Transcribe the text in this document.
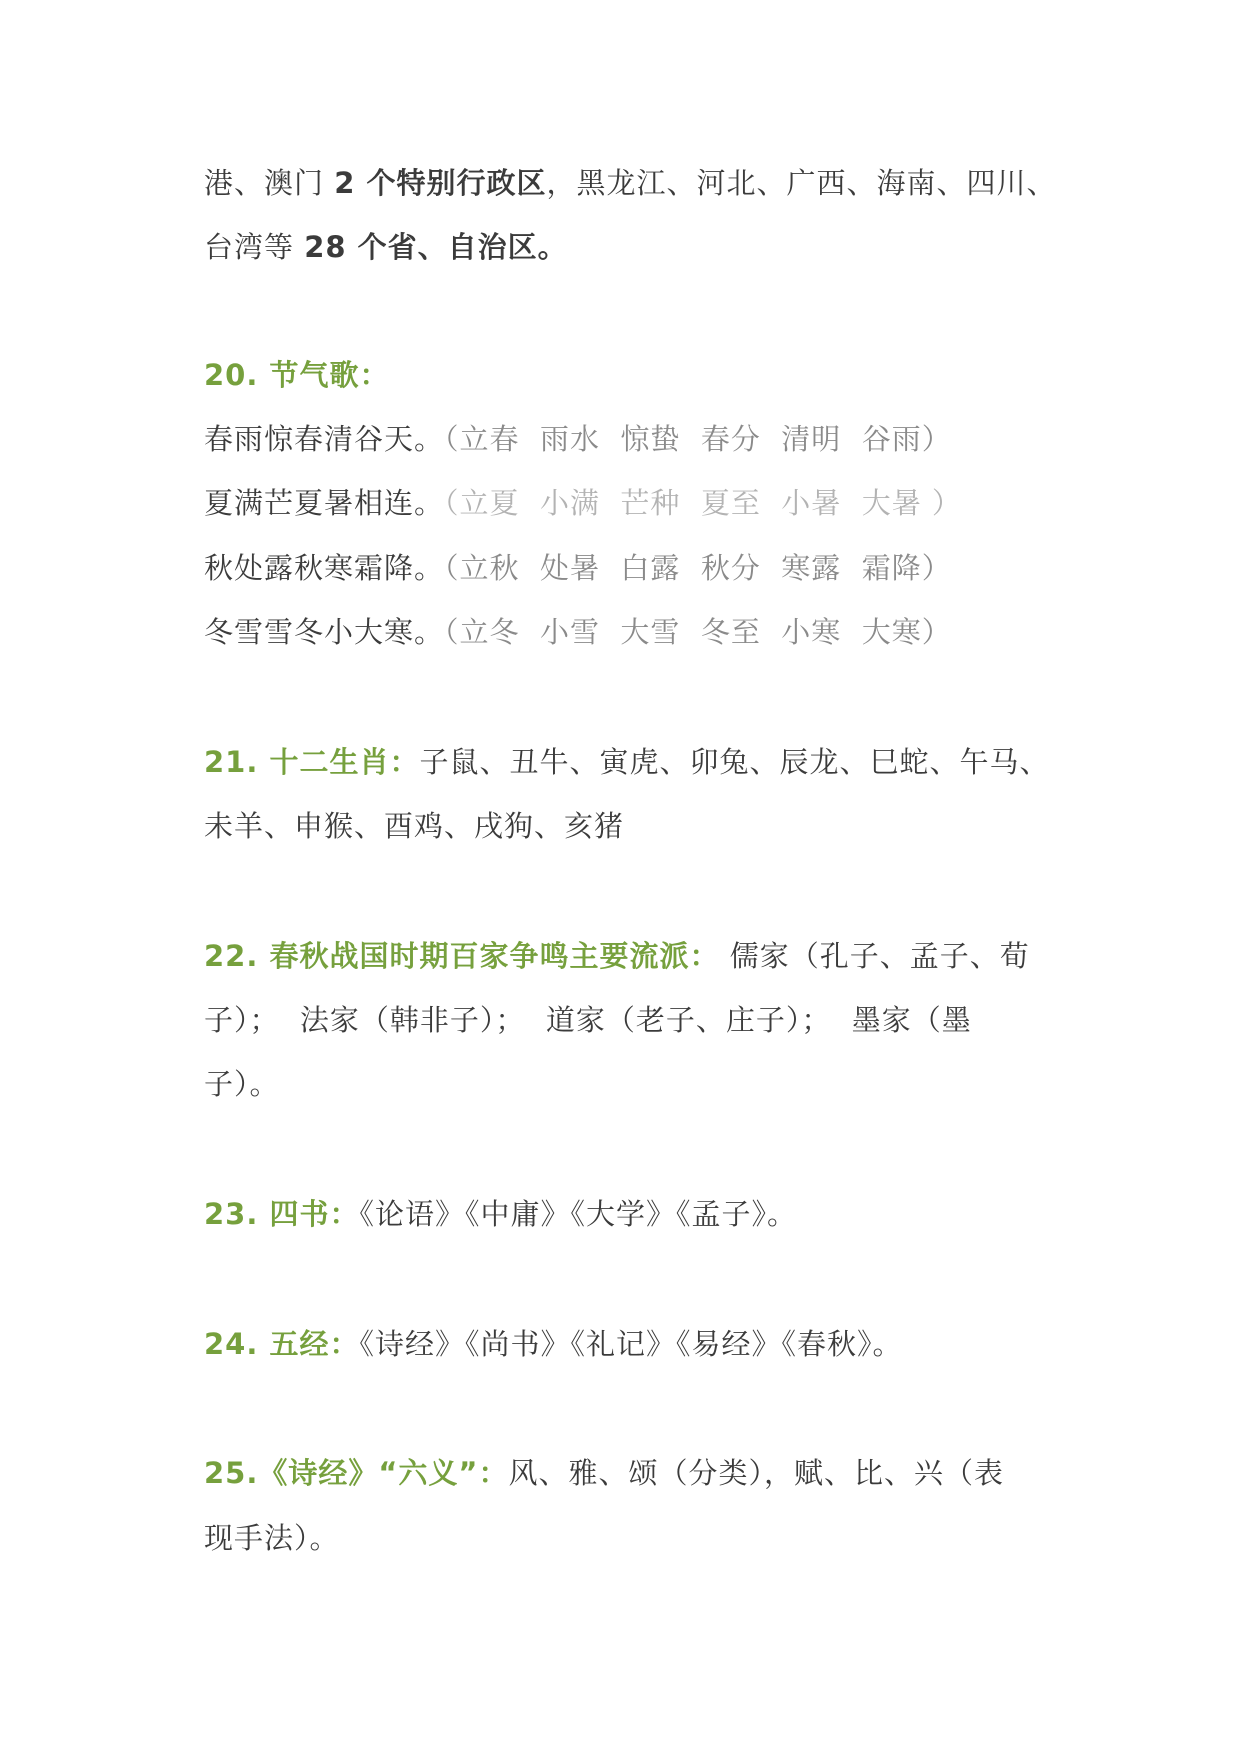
港、澳门 2 个特别行政区，黑龙江、河北、广西、海南、四川、
台湾等 28 个省、自治区。
20. 节气歌：
春雨惊春清谷天。（立春  雨水  惊蛰  春分  清明  谷雨）
夏满芒夏暑相连。（立夏  小满  芒种  夏至  小暑  大暑 ）
秋处露秋寒霜降。（立秋  处暑  白露  秋分  寒露  霜降）
冬雪雪冬小大寒。（立冬  小雪  大雪  冬至  小寒  大寒）
21. 十二生肖：子鼠、丑牛、寅虎、卯兔、辰龙、巳蛇、午马、
未羊、申猴、酉鸡、戌狗、亥猪
22. 春秋战国时期百家争鸣主要流派： 儒家（孔子、孟子、荀
子）；  法家（韩非子）；  道家（老子、庄子）；  墨家（墨
子）。
23. 四书：《论语》《中庸》《大学》《孟子》。
24. 五经：《诗经》《尚书》《礼记》《易经》《春秋》。
25.《诗经》“六义”：风、雅、颂（分类），赋、比、兴（表
现手法）。
